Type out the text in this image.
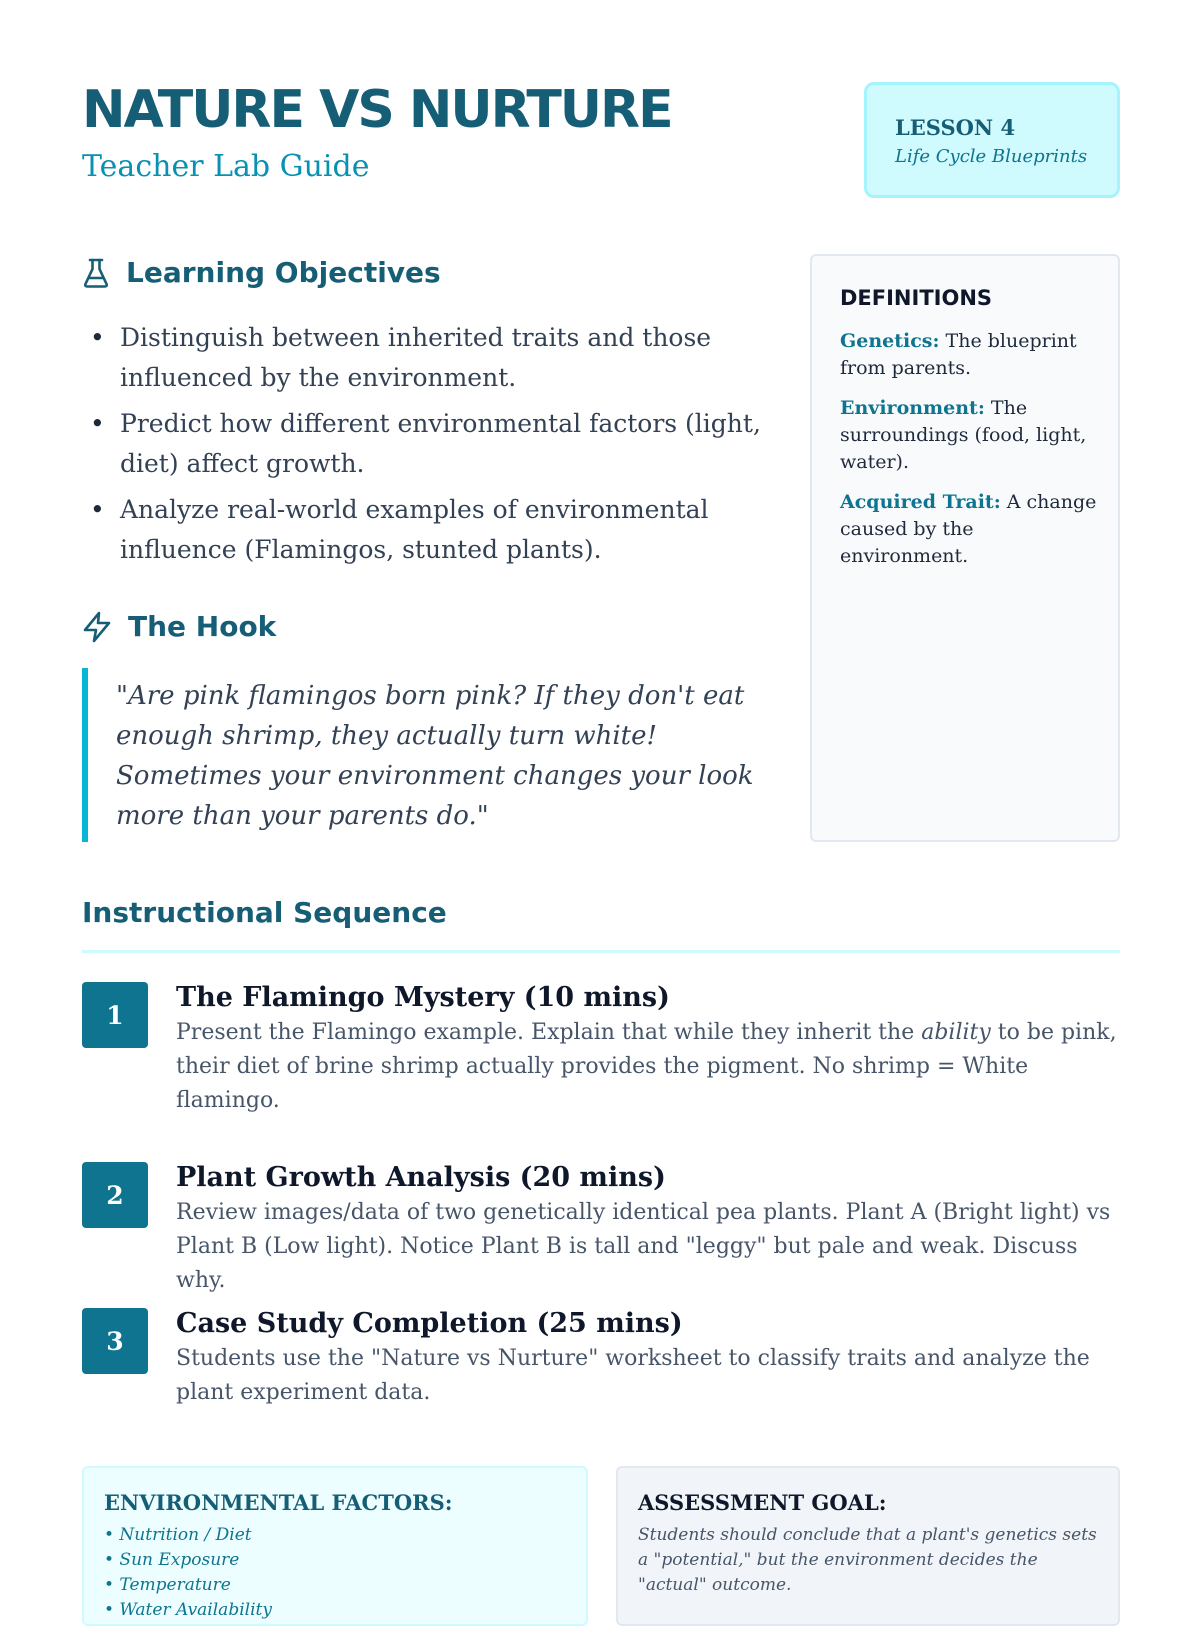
NATURE VS NURTURE
Teacher Lab Guide
LESSON 4
Life Cycle Blueprints
Learning Objectives
• Distinguish between inherited traits and those influenced by the environment.
• Predict how different environmental factors (light, diet) affect growth.
• Analyze real-world examples of environmental influence (Flamingos, stunted plants).
The Hook
"Are pink flamingos born pink? If they don't eat enough shrimp, they actually turn white! Sometimes your environment changes your look more than your parents do."
DEFINITIONS
Genetics: The blueprint from parents.
Environment: The surroundings (food, light, water).
Acquired Trait: A change caused by the environment.
Instructional Sequence
1
The Flamingo Mystery (10 mins)
Present the Flamingo example. Explain that while they inherit the ability to be pink, their diet of brine shrimp actually provides the pigment. No shrimp = White flamingo.
2
Plant Growth Analysis (20 mins)
Review images/data of two genetically identical pea plants. Plant A (Bright light) vs Plant B (Low light). Notice Plant B is tall and "leggy" but pale and weak. Discuss why.
3
Case Study Completion (25 mins)
Students use the "Nature vs Nurture" worksheet to classify traits and analyze the plant experiment data.
ENVIRONMENTAL FACTORS:
• Nutrition / Diet
• Sun Exposure
• Temperature
• Water Availability
ASSESSMENT GOAL:
Students should conclude that a plant's genetics sets a "potential," but the environment decides the "actual" outcome.
